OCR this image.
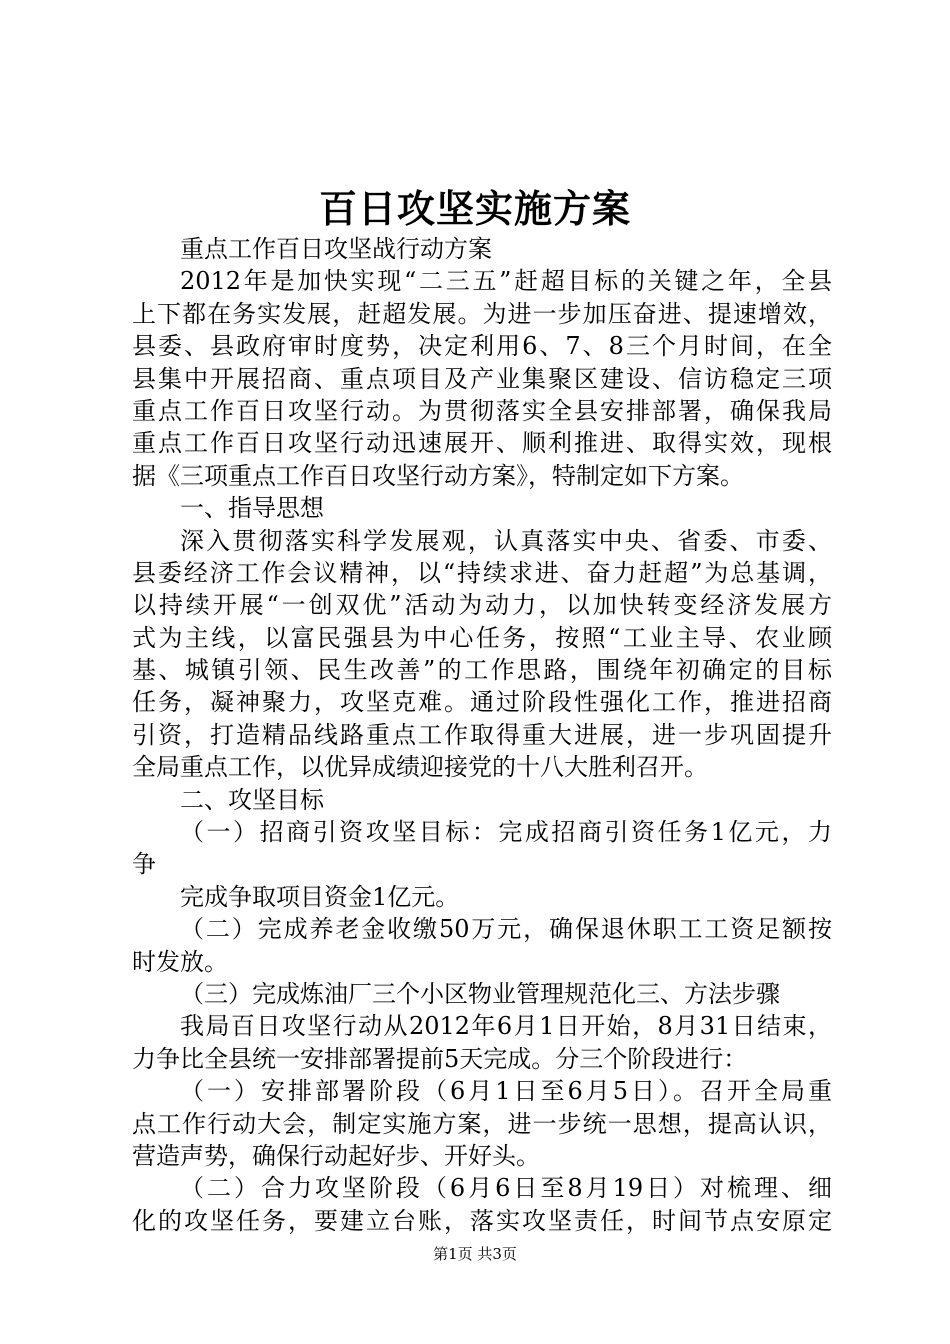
百日攻坚实施方案
重点工作百日攻坚战行动方案
2012年是加快实现“二三五”赶超目标的关键之年，全县
上下都在务实发展，赶超发展。为进一步加压奋进、提速增效，
县委、县政府审时度势，决定利用6、7、8三个月时间，在全
县集中开展招商、重点项目及产业集聚区建设、信访稳定三项
重点工作百日攻坚行动。为贯彻落实全县安排部署，确保我局
重点工作百日攻坚行动迅速展开、顺利推进、取得实效，现根
据《三项重点工作百日攻坚行动方案》，特制定如下方案。
一、指导思想
深入贯彻落实科学发展观，认真落实中央、省委、市委、
县委经济工作会议精神，以“持续求进、奋力赶超”为总基调，
以持续开展“一创双优”活动为动力，以加快转变经济发展方
式为主线，以富民强县为中心任务，按照“工业主导、农业顾
基、城镇引领、民生改善”的工作思路，围绕年初确定的目标
任务，凝神聚力，攻坚克难。通过阶段性强化工作，推进招商
引资，打造精品线路重点工作取得重大进展，进一步巩固提升
全局重点工作，以优异成绩迎接党的十八大胜利召开。
二、攻坚目标
（一）招商引资攻坚目标：完成招商引资任务1亿元，力
争
完成争取项目资金1亿元。
（二）完成养老金收缴50万元，确保退休职工工资足额按
时发放。
（三）完成炼油厂三个小区物业管理规范化三、方法步骤
我局百日攻坚行动从2012年6月1日开始，8月31日结束，
力争比全县统一安排部署提前5天完成。分三个阶段进行：
（一）安排部署阶段（6月1日至6月5日）。召开全局重
点工作行动大会，制定实施方案，进一步统一思想，提高认识，
营造声势，确保行动起好步、开好头。
（二）合力攻坚阶段（6月6日至8月19日）对梳理、细
化的攻坚任务，要建立台账，落实攻坚责任，时间节点安原定
第1页 共3页
